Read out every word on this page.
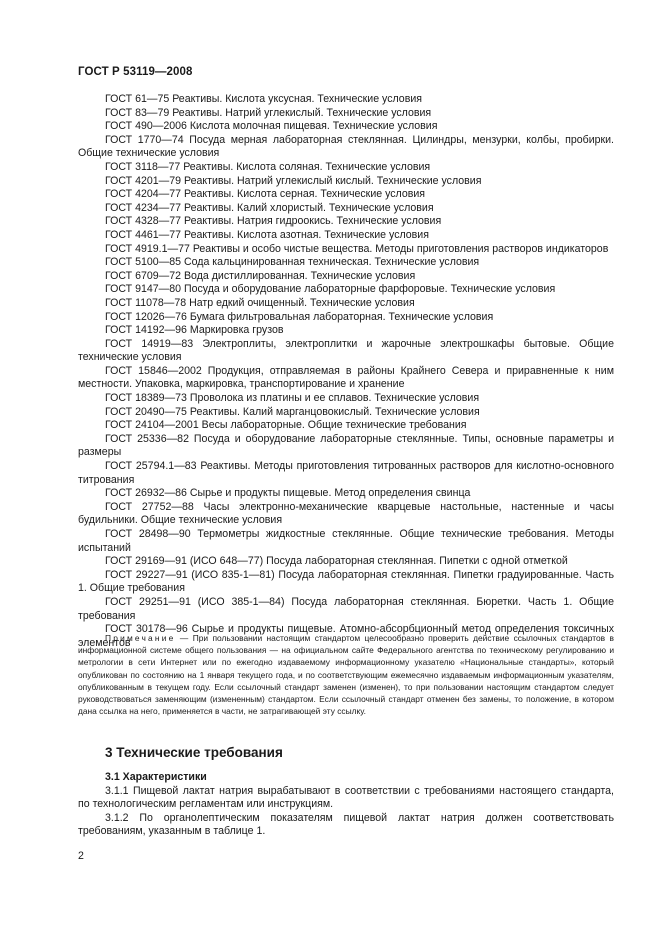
ГОСТ Р 53119—2008

ГОСТ 61—75 Реактивы. Кислота уксусная. Технические условия

ГОСТ 83—79 Реактивы. Натрий углекислый. Технические условия

ГОСТ 490—2006 Кислота молочная пищевая. Технические условия

ГОСТ 1770—74 Посуда мерная лабораторная стеклянная. Цилиндры, мензурки, колбы, пробирки. Общие технические условия

ГОСТ 3118—77 Реактивы. Кислота соляная. Технические условия

ГОСТ 4201—79 Реактивы. Натрий углекислый кислый. Технические условия

ГОСТ 4204—77 Реактивы. Кислота серная. Технические условия

ГОСТ 4234—77 Реактивы. Калий хлористый. Технические условия

ГОСТ 4328—77 Реактивы. Натрия гидроокись. Технические условия

ГОСТ 4461—77 Реактивы. Кислота азотная. Технические условия

ГОСТ 4919.1—77 Реактивы и особо чистые вещества. Методы приготовления растворов индикаторов

ГОСТ 5100—85 Сода кальцинированная техническая. Технические условия

ГОСТ 6709—72 Вода дистиллированная. Технические условия

ГОСТ 9147—80 Посуда и оборудование лабораторные фарфоровые. Технические условия

ГОСТ 11078—78 Натр едкий очищенный. Технические условия

ГОСТ 12026—76 Бумага фильтровальная лабораторная. Технические условия

ГОСТ 14192—96 Маркировка грузов

ГОСТ 14919—83 Электроплиты, электроплитки и жарочные электрошкафы бытовые. Общие технические условия

ГОСТ 15846—2002 Продукция, отправляемая в районы Крайнего Севера и приравненные к ним местности. Упаковка, маркировка, транспортирование и хранение

ГОСТ 18389—73 Проволока из платины и ее сплавов. Технические условия

ГОСТ 20490—75 Реактивы. Калий марганцовокислый. Технические условия

ГОСТ 24104—2001 Весы лабораторные. Общие технические требования

ГОСТ 25336—82 Посуда и оборудование лабораторные стеклянные. Типы, основные параметры и размеры

ГОСТ 25794.1—83 Реактивы. Методы приготовления титрованных растворов для кислотно-основного титрования

ГОСТ 26932—86 Сырье и продукты пищевые. Метод определения свинца

ГОСТ 27752—88 Часы электронно-механические кварцевые настольные, настенные и часы будильники. Общие технические условия

ГОСТ 28498—90 Термометры жидкостные стеклянные. Общие технические требования. Методы испытаний

ГОСТ 29169—91 (ИСО 648—77) Посуда лабораторная стеклянная. Пипетки с одной отметкой

ГОСТ 29227—91 (ИСО 835-1—81) Посуда лабораторная стеклянная. Пипетки градуированные. Часть 1. Общие требования

ГОСТ 29251—91 (ИСО 385-1—84) Посуда лабораторная стеклянная. Бюретки. Часть 1. Общие требования

ГОСТ 30178—96 Сырье и продукты пищевые. Атомно-абсорбционный метод определения токсичных элементов

Примечание — При пользовании настоящим стандартом целесообразно проверить действие ссылочных стандартов в информационной системе общего пользования — на официальном сайте Федерального агентства по техническому регулированию и метрологии в сети Интернет или по ежегодно издаваемому информационному указателю «Национальные стандарты», который опубликован по состоянию на 1 января текущего года, и по соответствующим ежемесячно издаваемым информационным указателям, опубликованным в текущем году. Если ссылочный стандарт заменен (изменен), то при пользовании настоящим стандартом следует руководствоваться заменяющим (измененным) стандартом. Если ссылочный стандарт отменен без замены, то положение, в котором дана ссылка на него, применяется в части, не затрагивающей эту ссылку.

3 Технические требования

3.1 Характеристики

3.1.1 Пищевой лактат натрия вырабатывают в соответствии с требованиями настоящего стандарта, по технологическим регламентам или инструкциям.

3.1.2 По органолептическим показателям пищевой лактат натрия должен соответствовать требованиям, указанным в таблице 1.

2
